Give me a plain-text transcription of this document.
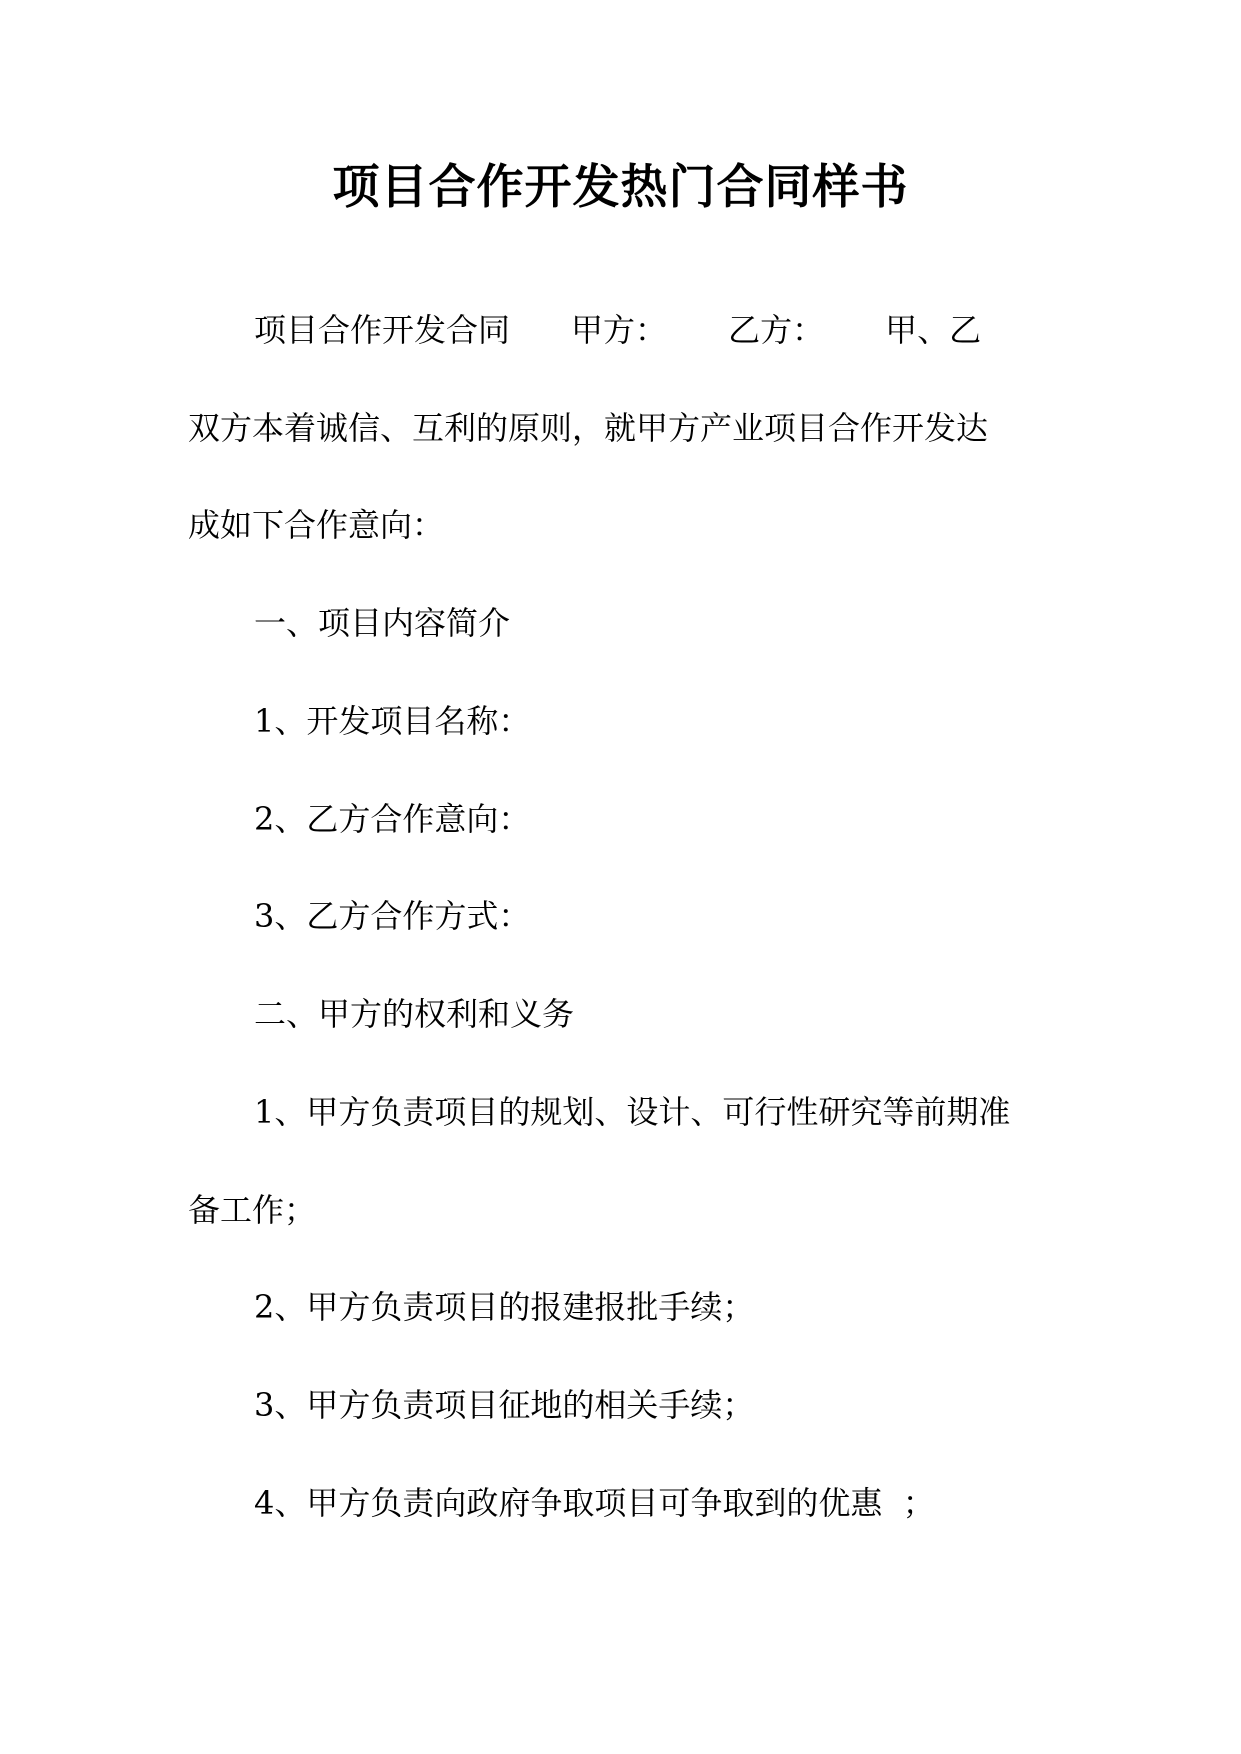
项目合作开发热门合同样书
项目合作开发合同      甲方：      乙方：      甲、乙
双方本着诚信、互利的原则，就甲方产业项目合作开发达
成如下合作意向：
一、项目内容简介
1、开发项目名称：
2、乙方合作意向：
3、乙方合作方式：
二、甲方的权利和义务
1、甲方负责项目的规划、设计、可行性研究等前期准
备工作；
2、甲方负责项目的报建报批手续；
3、甲方负责项目征地的相关手续；
4、甲方负责向政府争取项目可争取到的优惠  ；
